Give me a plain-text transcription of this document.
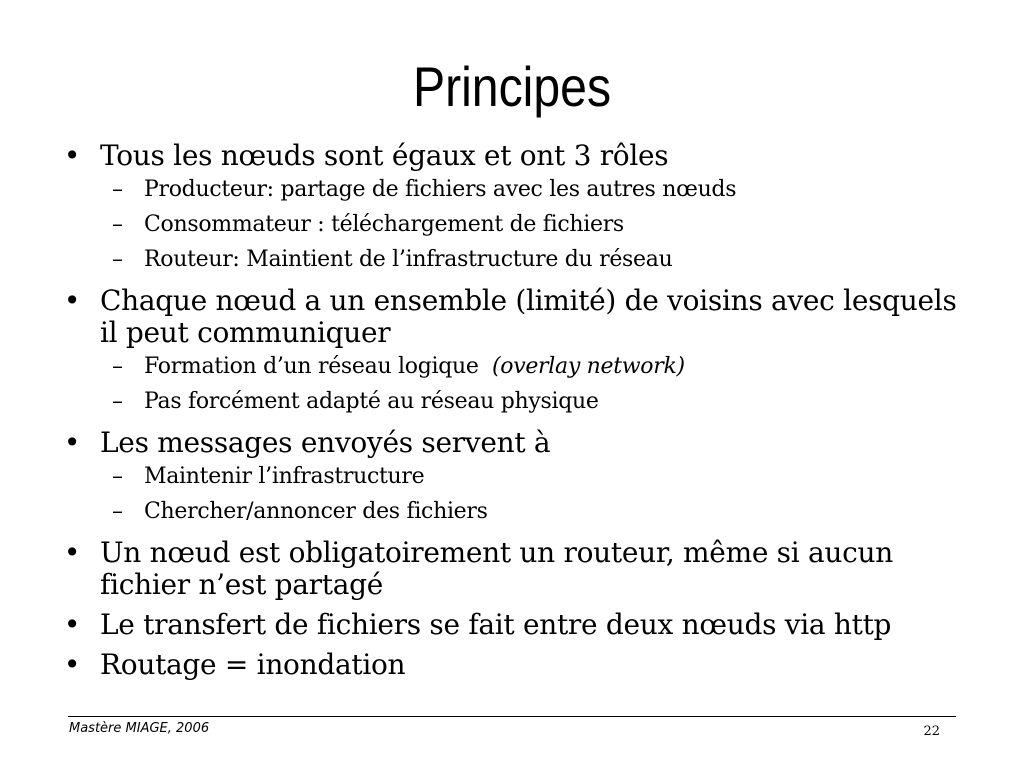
Principes
• Tous les nœuds sont égaux et ont 3 rôles
– Producteur: partage de fichiers avec les autres nœuds
– Consommateur : téléchargement de fichiers
– Routeur: Maintient de l’infrastructure du réseau
• Chaque nœud a un ensemble (limité) de voisins avec lesquels il peut communiquer
– Formation d’un réseau logique (overlay network)
– Pas forcément adapté au réseau physique
• Les messages envoyés servent à
– Maintenir l’infrastructure
– Chercher/annoncer des fichiers
• Un nœud est obligatoirement un routeur, même si aucun fichier n’est partagé
• Le transfert de fichiers se fait entre deux nœuds via http
• Routage = inondation
Mastère MIAGE, 2006	22
